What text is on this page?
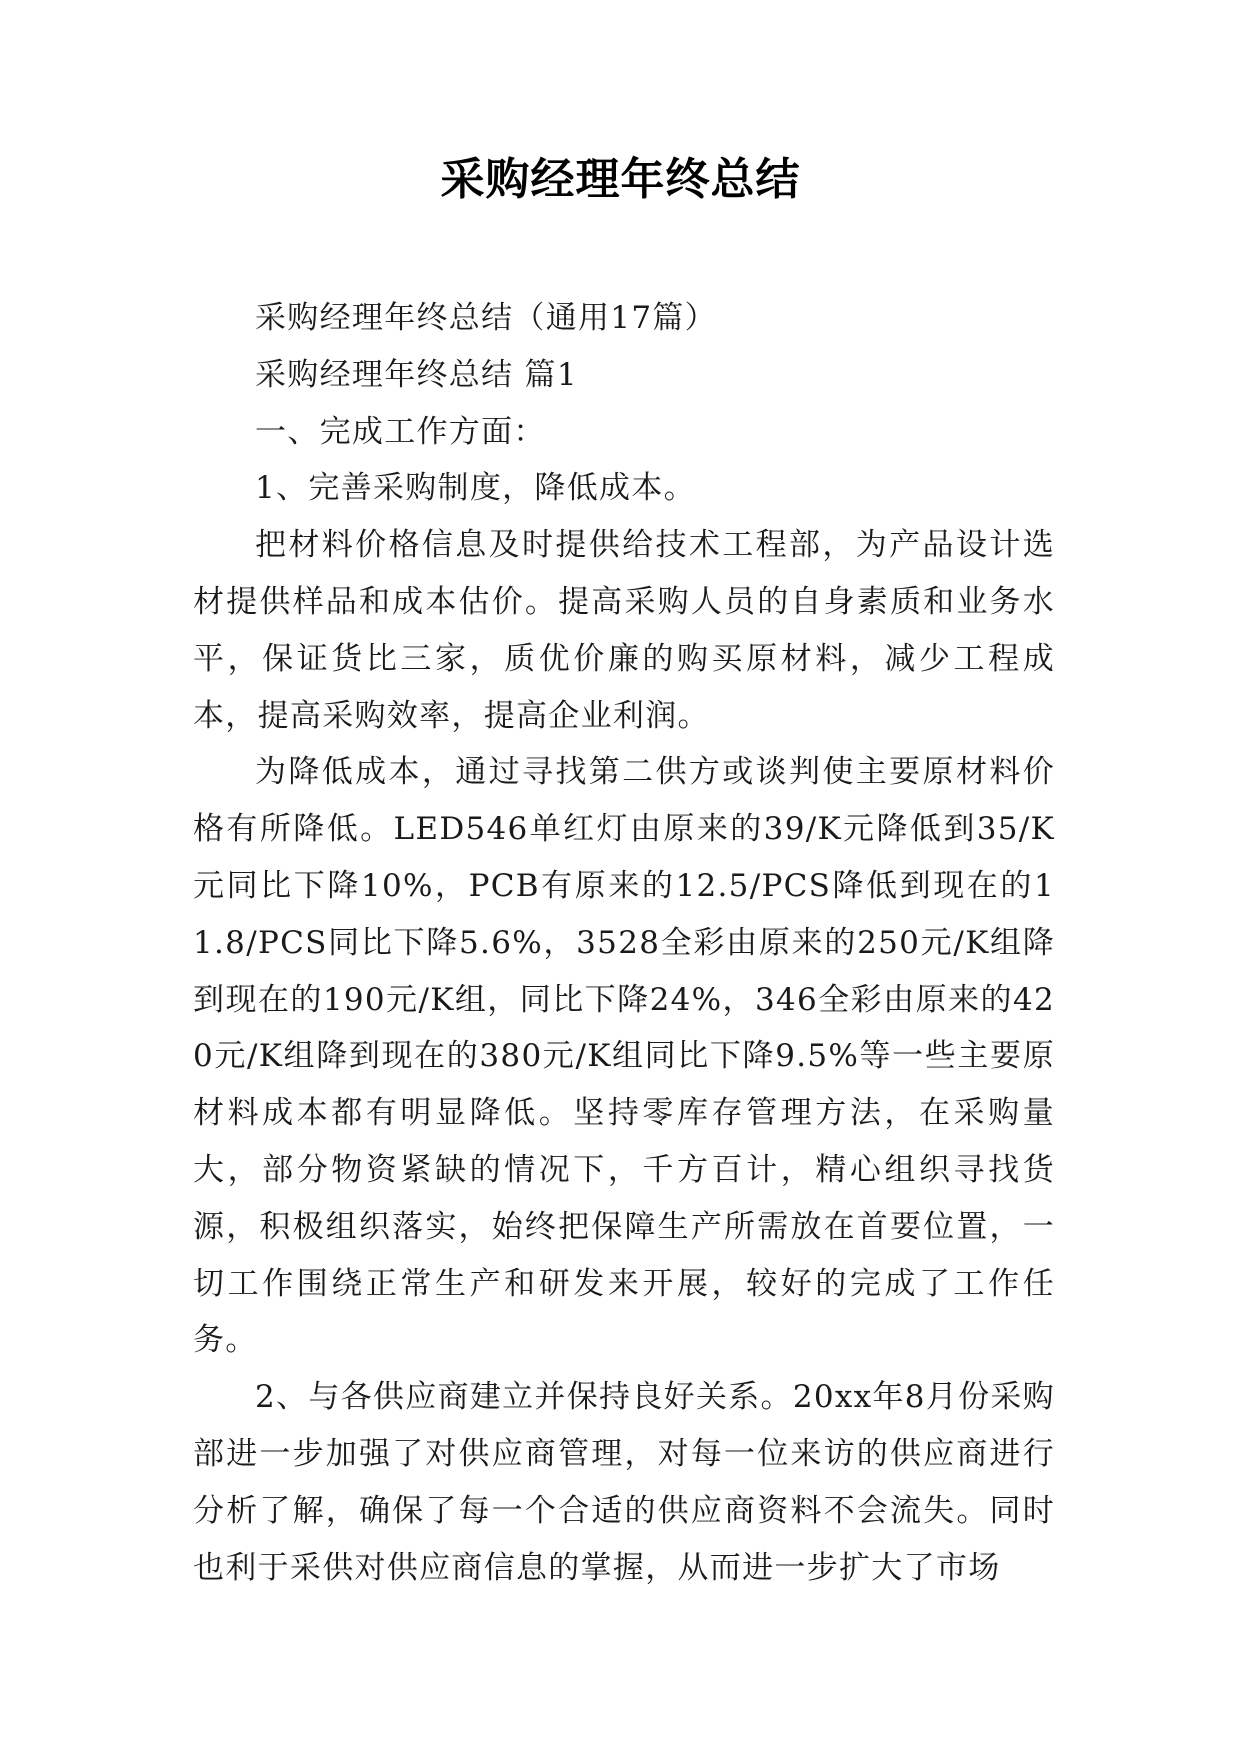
采购经理年终总结

采购经理年终总结（通用17篇）

采购经理年终总结 篇1

一、完成工作方面：

1、完善采购制度，降低成本。

把材料价格信息及时提供给技术工程部，为产品设计选材提供样品和成本估价。提高采购人员的自身素质和业务水平，保证货比三家，质优价廉的购买原材料，减少工程成本，提高采购效率，提高企业利润。

为降低成本，通过寻找第二供方或谈判使主要原材料价格有所降低。LED546单红灯由原来的39/K元降低到35/K元同比下降10%，PCB有原来的12.5/PCS降低到现在的11.8/PCS同比下降5.6%，3528全彩由原来的250元/K组降到现在的190元/K组，同比下降24%，346全彩由原来的420元/K组降到现在的380元/K组同比下降9.5%等一些主要原材料成本都有明显降低。坚持零库存管理方法，在采购量大，部分物资紧缺的情况下，千方百计，精心组织寻找货源，积极组织落实，始终把保障生产所需放在首要位置，一切工作围绕正常生产和研发来开展，较好的完成了工作任务。

2、与各供应商建立并保持良好关系。20xx年8月份采购部进一步加强了对供应商管理，对每一位来访的供应商进行分析了解，确保了每一个合适的供应商资料不会流失。同时也利于采供对供应商信息的掌握，从而进一步扩大了市场
